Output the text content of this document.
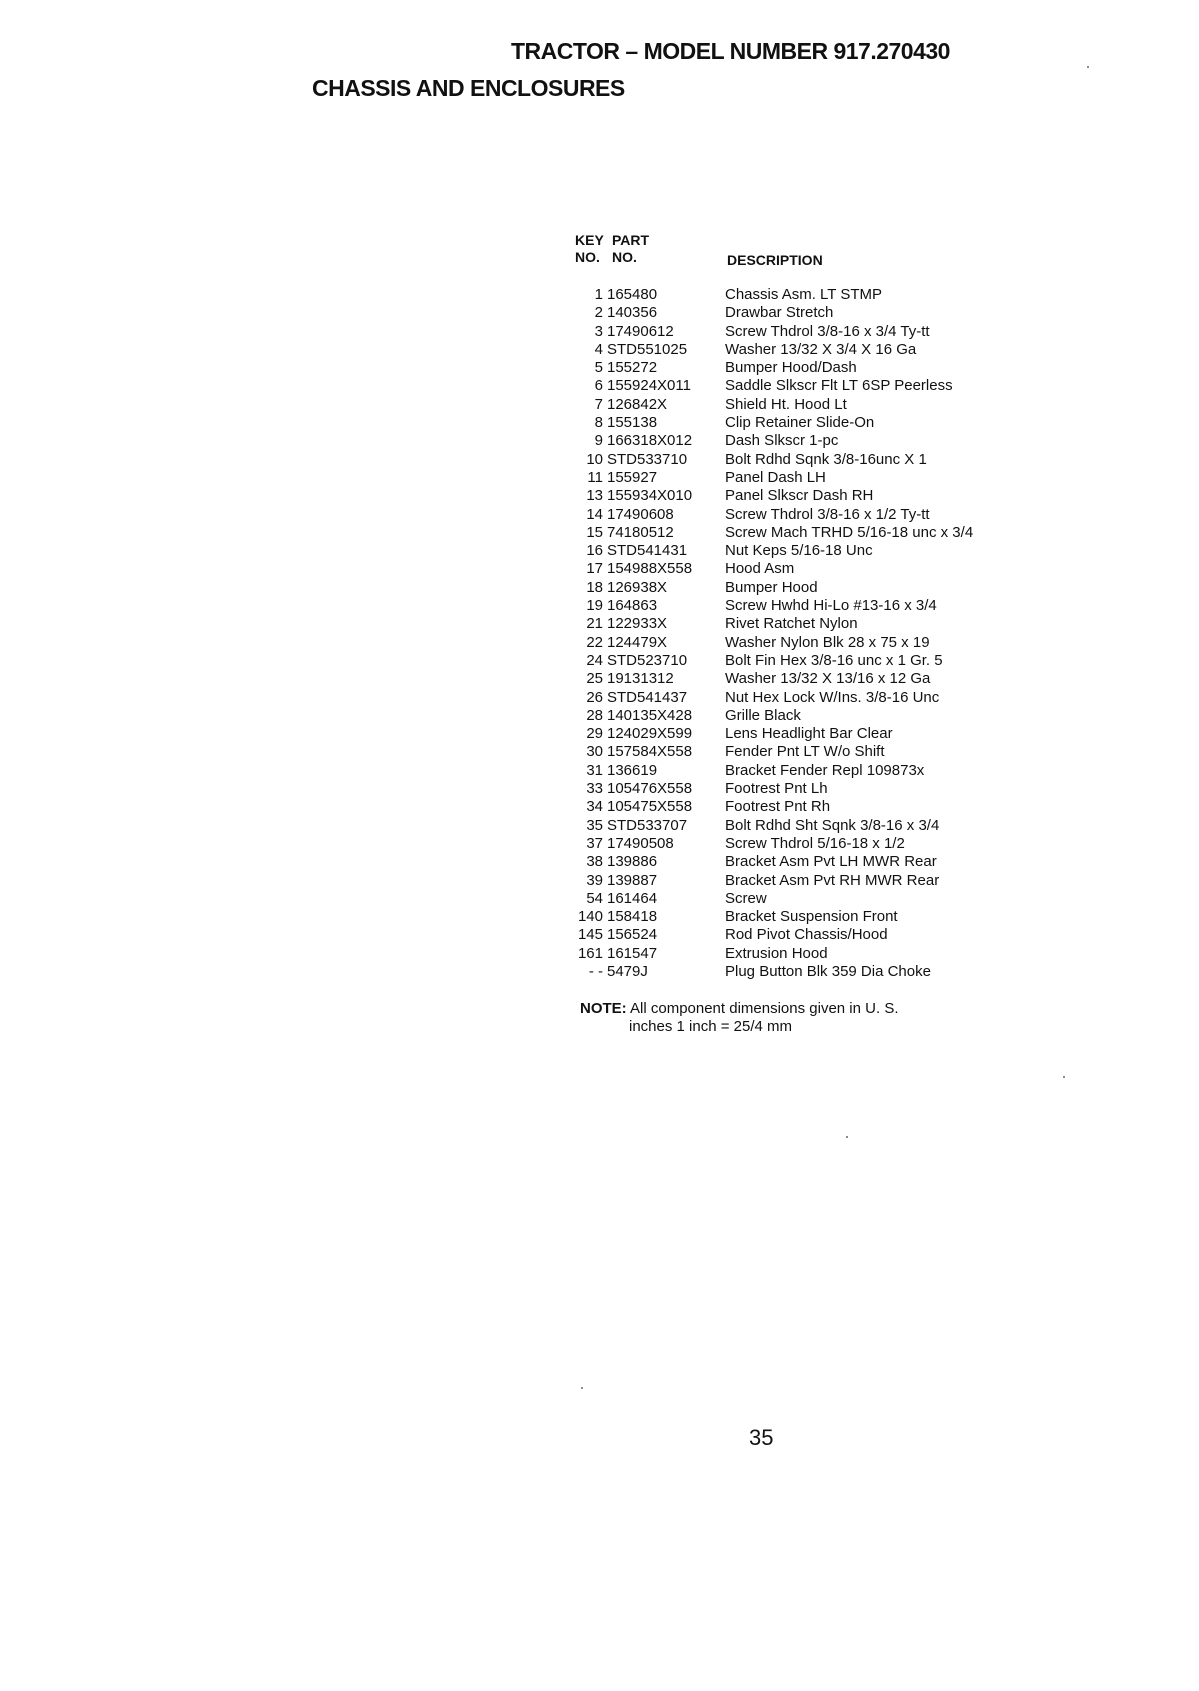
TRACTOR – MODEL NUMBER 917.270430
CHASSIS AND ENCLOSURES
KEY
NO.
PART
NO.	DESCRIPTION
1 165480	Chassis Asm. LT STMP
2 140356	Drawbar Stretch
3 17490612	Screw Thdrol 3/8-16 x 3/4 Ty-tt
4 STD551025	Washer 13/32 X 3/4 X 16 Ga
5 155272	Bumper Hood/Dash
6 155924X011 Saddle Slkscr Flt LT 6SP Peerless
7 126842X	Shield Ht. Hood Lt
8 155138	Clip Retainer Slide-On
9 166318X012 Dash Slkscr 1-pc
10 STD533710	Bolt Rdhd Sqnk 3/8-16unc X 1
11 155927	Panel Dash LH
13 155934X010 Panel Slkscr Dash RH
14 17490608	Screw Thdrol 3/8-16 x 1/2 Ty-tt
15 74180512	Screw Mach TRHD 5/16-18 unc x 3/4
16 STD541431	Nut Keps 5/16-18 Unc
17 154988X558 Hood Asm
18 126938X	Bumper Hood
19 164863	Screw Hwhd Hi-Lo #13-16 x 3/4
21 122933X	Rivet Ratchet Nylon
22 124479X	Washer Nylon Blk 28 x 75 x 19
24 STD523710	Bolt Fin Hex 3/8-16 unc x 1 Gr. 5
25 19131312	Washer 13/32 X 13/16 x 12 Ga
26 STD541437	Nut Hex Lock W/Ins. 3/8-16 Unc
28 140135X428 Grille Black
29 124029X599 Lens Headlight Bar Clear
30 157584X558 Fender Pnt LT W/o Shift
31 136619	Bracket Fender Repl 109873x
33 105476X558 Footrest Pnt Lh
34 105475X558 Footrest Pnt Rh
35 STD533707	Bolt Rdhd Sht Sqnk 3/8-16 x 3/4
37 17490508	Screw Thdrol 5/16-18 x 1/2
38 139886	Bracket Asm Pvt LH MWR Rear
39 139887	Bracket Asm Pvt RH MWR Rear
54 161464	Screw
140 158418	Bracket Suspension Front
145 156524	Rod Pivot Chassis/Hood
161 161547	Extrusion Hood
- - 5479J	Plug Button Blk 359 Dia Choke
NOTE: All component dimensions given in U. S.
inches 1 inch = 25/4 mm
35
